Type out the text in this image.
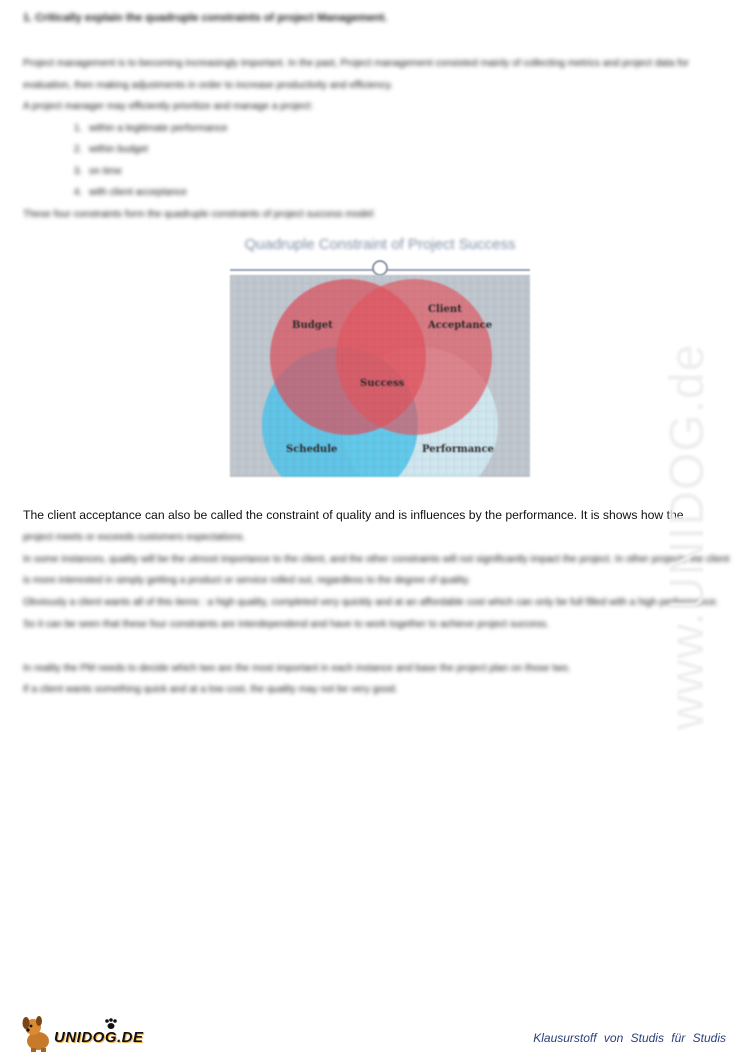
1. Critically explain the quadruple constraints of project Management.

Project management is to becoming increasingly important. In the past, Project management consisted mainly of collecting metrics and project data for evaluation, then making adjustments in order to increase productivity and efficiency.

A project manager may efficiently prioritize and manage a project:

1. within a legitimate performance
2. within budget
3. on time
4. with client acceptance

These four constraints form the quadruple constraints of project success model:

Quadruple Constraint of Project Success
Budget
Client
Acceptance
Success
Schedule	Performance

The client acceptance can also be called the constraint of quality and is influences by the performance. It is shows how the

project meets or exceeds customers expectations.

In some instances, quality will be the utmost importance to the client, and the other constraints will not significantly impact the project. In other projects the client is more interested in simply getting a product or service rolled out, regardless to the degree of quality.

Obviously a client wants all of this items : a high quality, completed very quickly and at an affordable cost which can only be full filled with a high performance.

So it can be seen that these four constraints are interdependend and have to work together to achieve project success.

In reality the PM needs to decide which two are the most important in each instance and base the project plan on those two.

If a client wants something quick and at a low cost, the quality may not be very good.	www.UNIDOG.de
UNIDOG.DE	Klausurstoff von Studis für Studis
